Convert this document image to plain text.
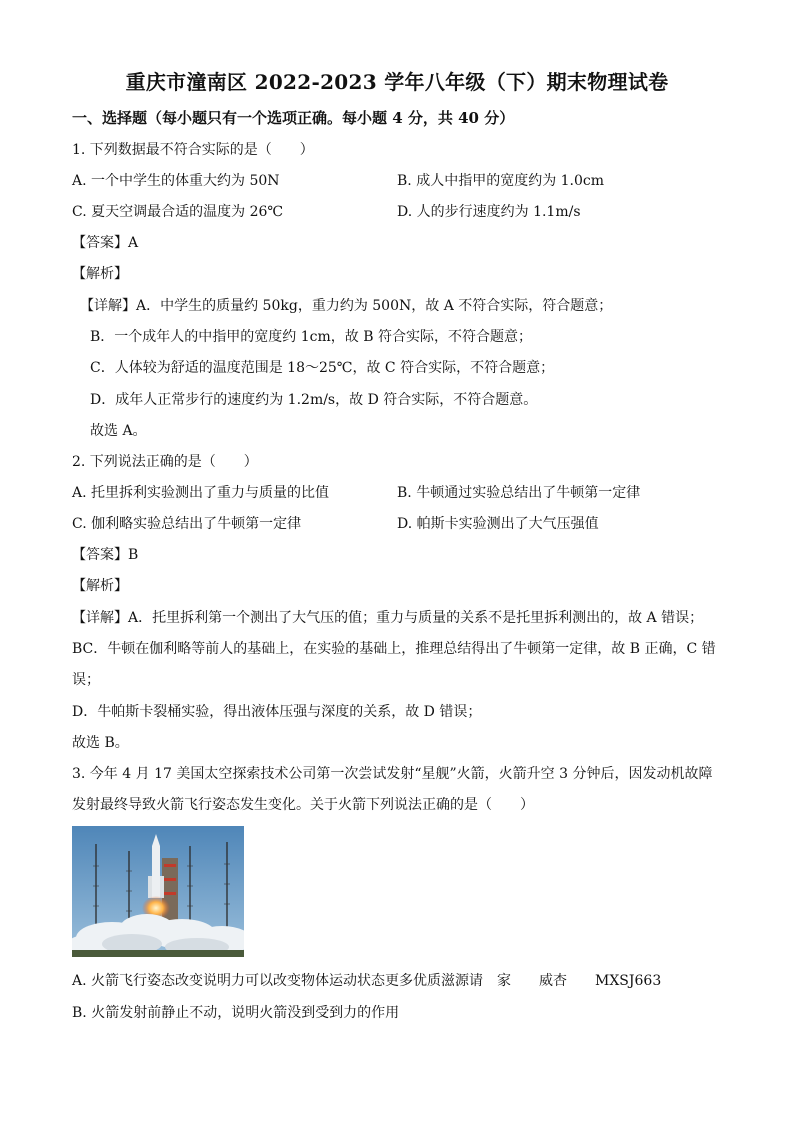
重庆市潼南区 2022-2023 学年八年级（下）期末物理试卷
一、选择题（每小题只有一个选项正确。每小题 4 分，共 40 分）
1. 下列数据最不符合实际的是（　　）
A. 一个中学生的体重大约为 50N	B. 成人中指甲的宽度约为 1.0cm
C. 夏天空调最合适的温度为 26℃	D. 人的步行速度约为 1.1m/s
【答案】A
【解析】
【详解】A．中学生的质量约 50kg，重力约为 500N，故 A 不符合实际，符合题意；
B．一个成年人的中指甲的宽度约 1cm，故 B 符合实际，不符合题意；
C．人体较为舒适的温度范围是 18～25℃，故 C 符合实际，不符合题意；
D．成年人正常步行的速度约为 1.2m/s，故 D 符合实际，不符合题意。
故选 A。
2. 下列说法正确的是（　　）
A. 托里拆利实验测出了重力与质量的比值	B. 牛顿通过实验总结出了牛顿第一定律
C. 伽利略实验总结出了牛顿第一定律	D. 帕斯卡实验测出了大气压强值
【答案】B
【解析】
【详解】A．托里拆利第一个测出了大气压的值；重力与质量的关系不是托里拆利测出的，故 A 错误；
BC．牛顿在伽利略等前人的基础上，在实验的基础上，推理总结得出了牛顿第一定律，故 B 正确，C 错
误；
D．牛帕斯卡裂桶实验，得出液体压强与深度的关系，故 D 错误；
故选 B。
3. 今年 4 月 17 美国太空探索技术公司第一次尝试发射“星舰”火箭，火箭升空 3 分钟后，因发动机故障
发射最终导致火箭飞行姿态发生变化。关于火箭下列说法正确的是（　　）
A. 火箭飞行姿态改变说明力可以改变物体运动状态更多优质滋源请　家　　威杏　　MXSJ663
B. 火箭发射前静止不动，说明火箭没到受到力的作用
